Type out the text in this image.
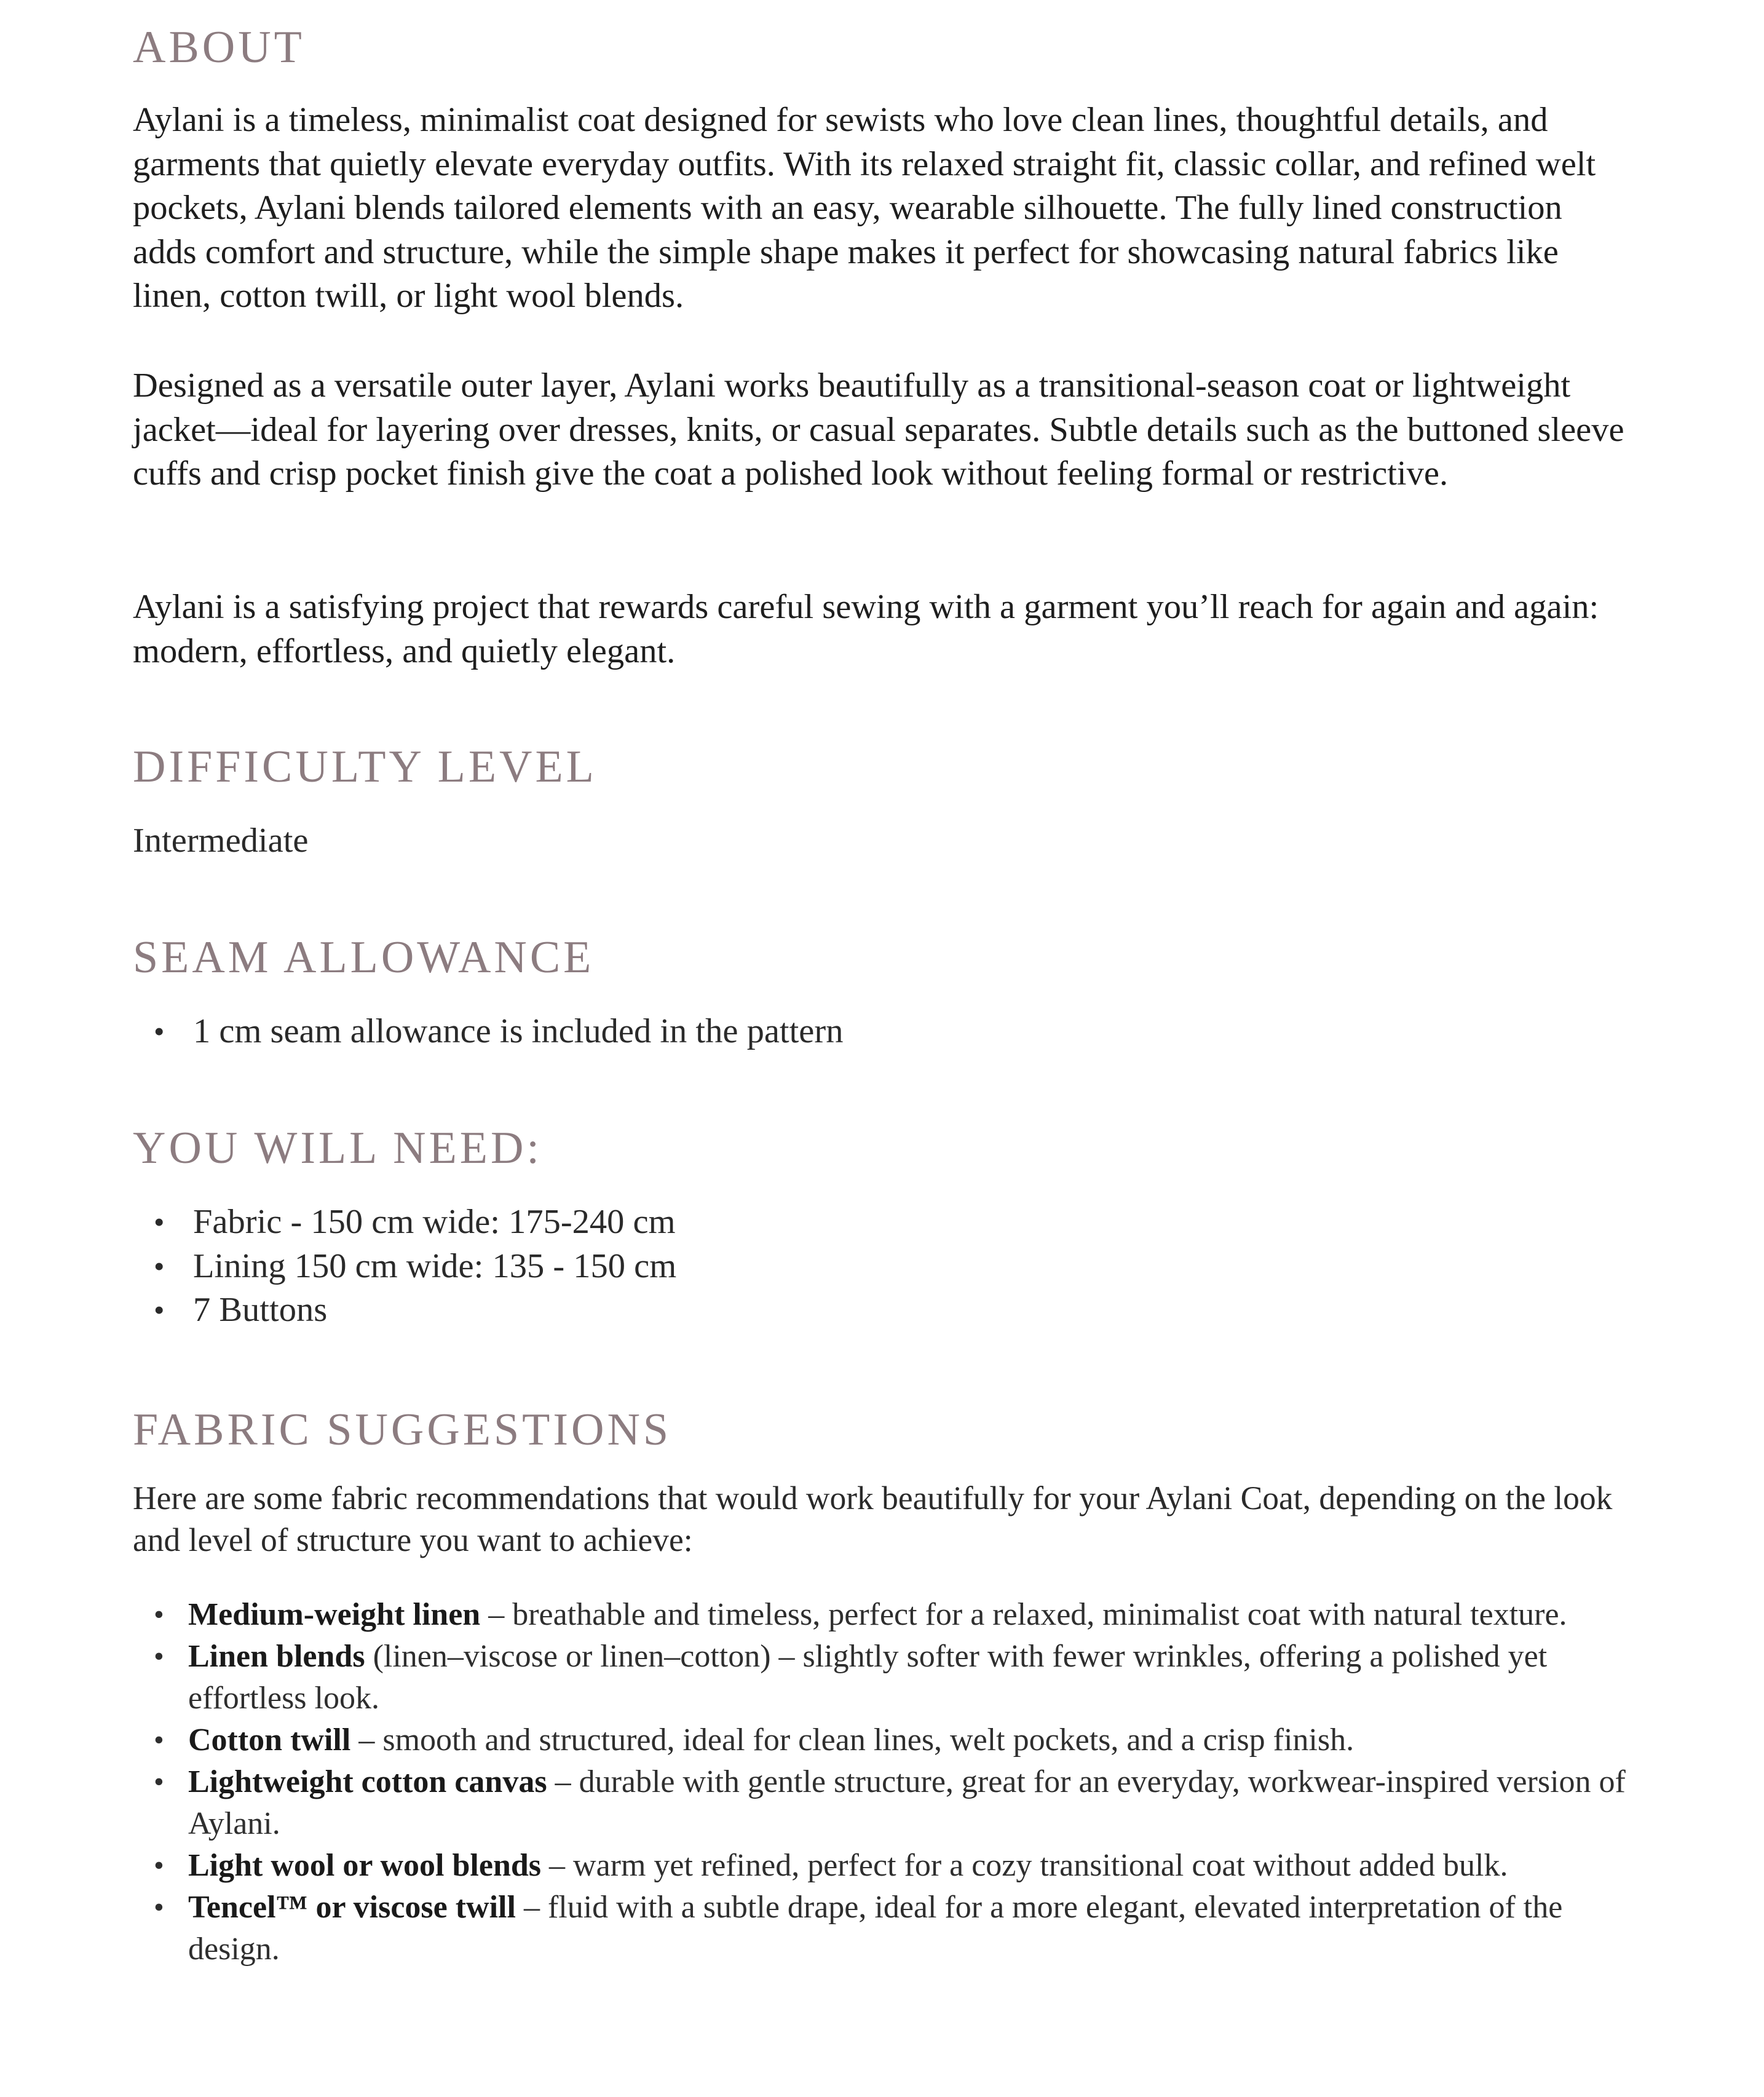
ABOUT

Aylani is a timeless, minimalist coat designed for sewists who love clean lines, thoughtful details, and garments that quietly elevate everyday outfits. With its relaxed straight fit, classic collar, and refined welt pockets, Aylani blends tailored elements with an easy, wearable silhouette. The fully lined construction adds comfort and structure, while the simple shape makes it perfect for showcasing natural fabrics like linen, cotton twill, or light wool blends.

Designed as a versatile outer layer, Aylani works beautifully as a transitional-season coat or lightweight jacket—ideal for layering over dresses, knits, or casual separates. Subtle details such as the buttoned sleeve cuffs and crisp pocket finish give the coat a polished look without feeling formal or restrictive.

Aylani is a satisfying project that rewards careful sewing with a garment you’ll reach for again and again: modern, effortless, and quietly elegant.

DIFFICULTY LEVEL

Intermediate

SEAM ALLOWANCE
• 1 cm seam allowance is included in the pattern
YOU WILL NEED:
• Fabric - 150 cm wide: 175-240 cm
• Lining 150 cm wide: 135 - 150 cm
• 7 Buttons
FABRIC SUGGESTIONS

Here are some fabric recommendations that would work beautifully for your Aylani Coat, depending on the look and level of structure you want to achieve:

• Medium-weight linen – breathable and timeless, perfect for a relaxed, minimalist coat with natural texture.
• Linen blends (linen–viscose or linen–cotton) – slightly softer with fewer wrinkles, offering a polished yet effortless look.
• Cotton twill – smooth and structured, ideal for clean lines, welt pockets, and a crisp finish.
• Lightweight cotton canvas – durable with gentle structure, great for an everyday, workwear-inspired version of Aylani.
• Light wool or wool blends – warm yet refined, perfect for a cozy transitional coat without added bulk.
• Tencel™ or viscose twill – fluid with a subtle drape, ideal for a more elegant, elevated interpretation of the design.
